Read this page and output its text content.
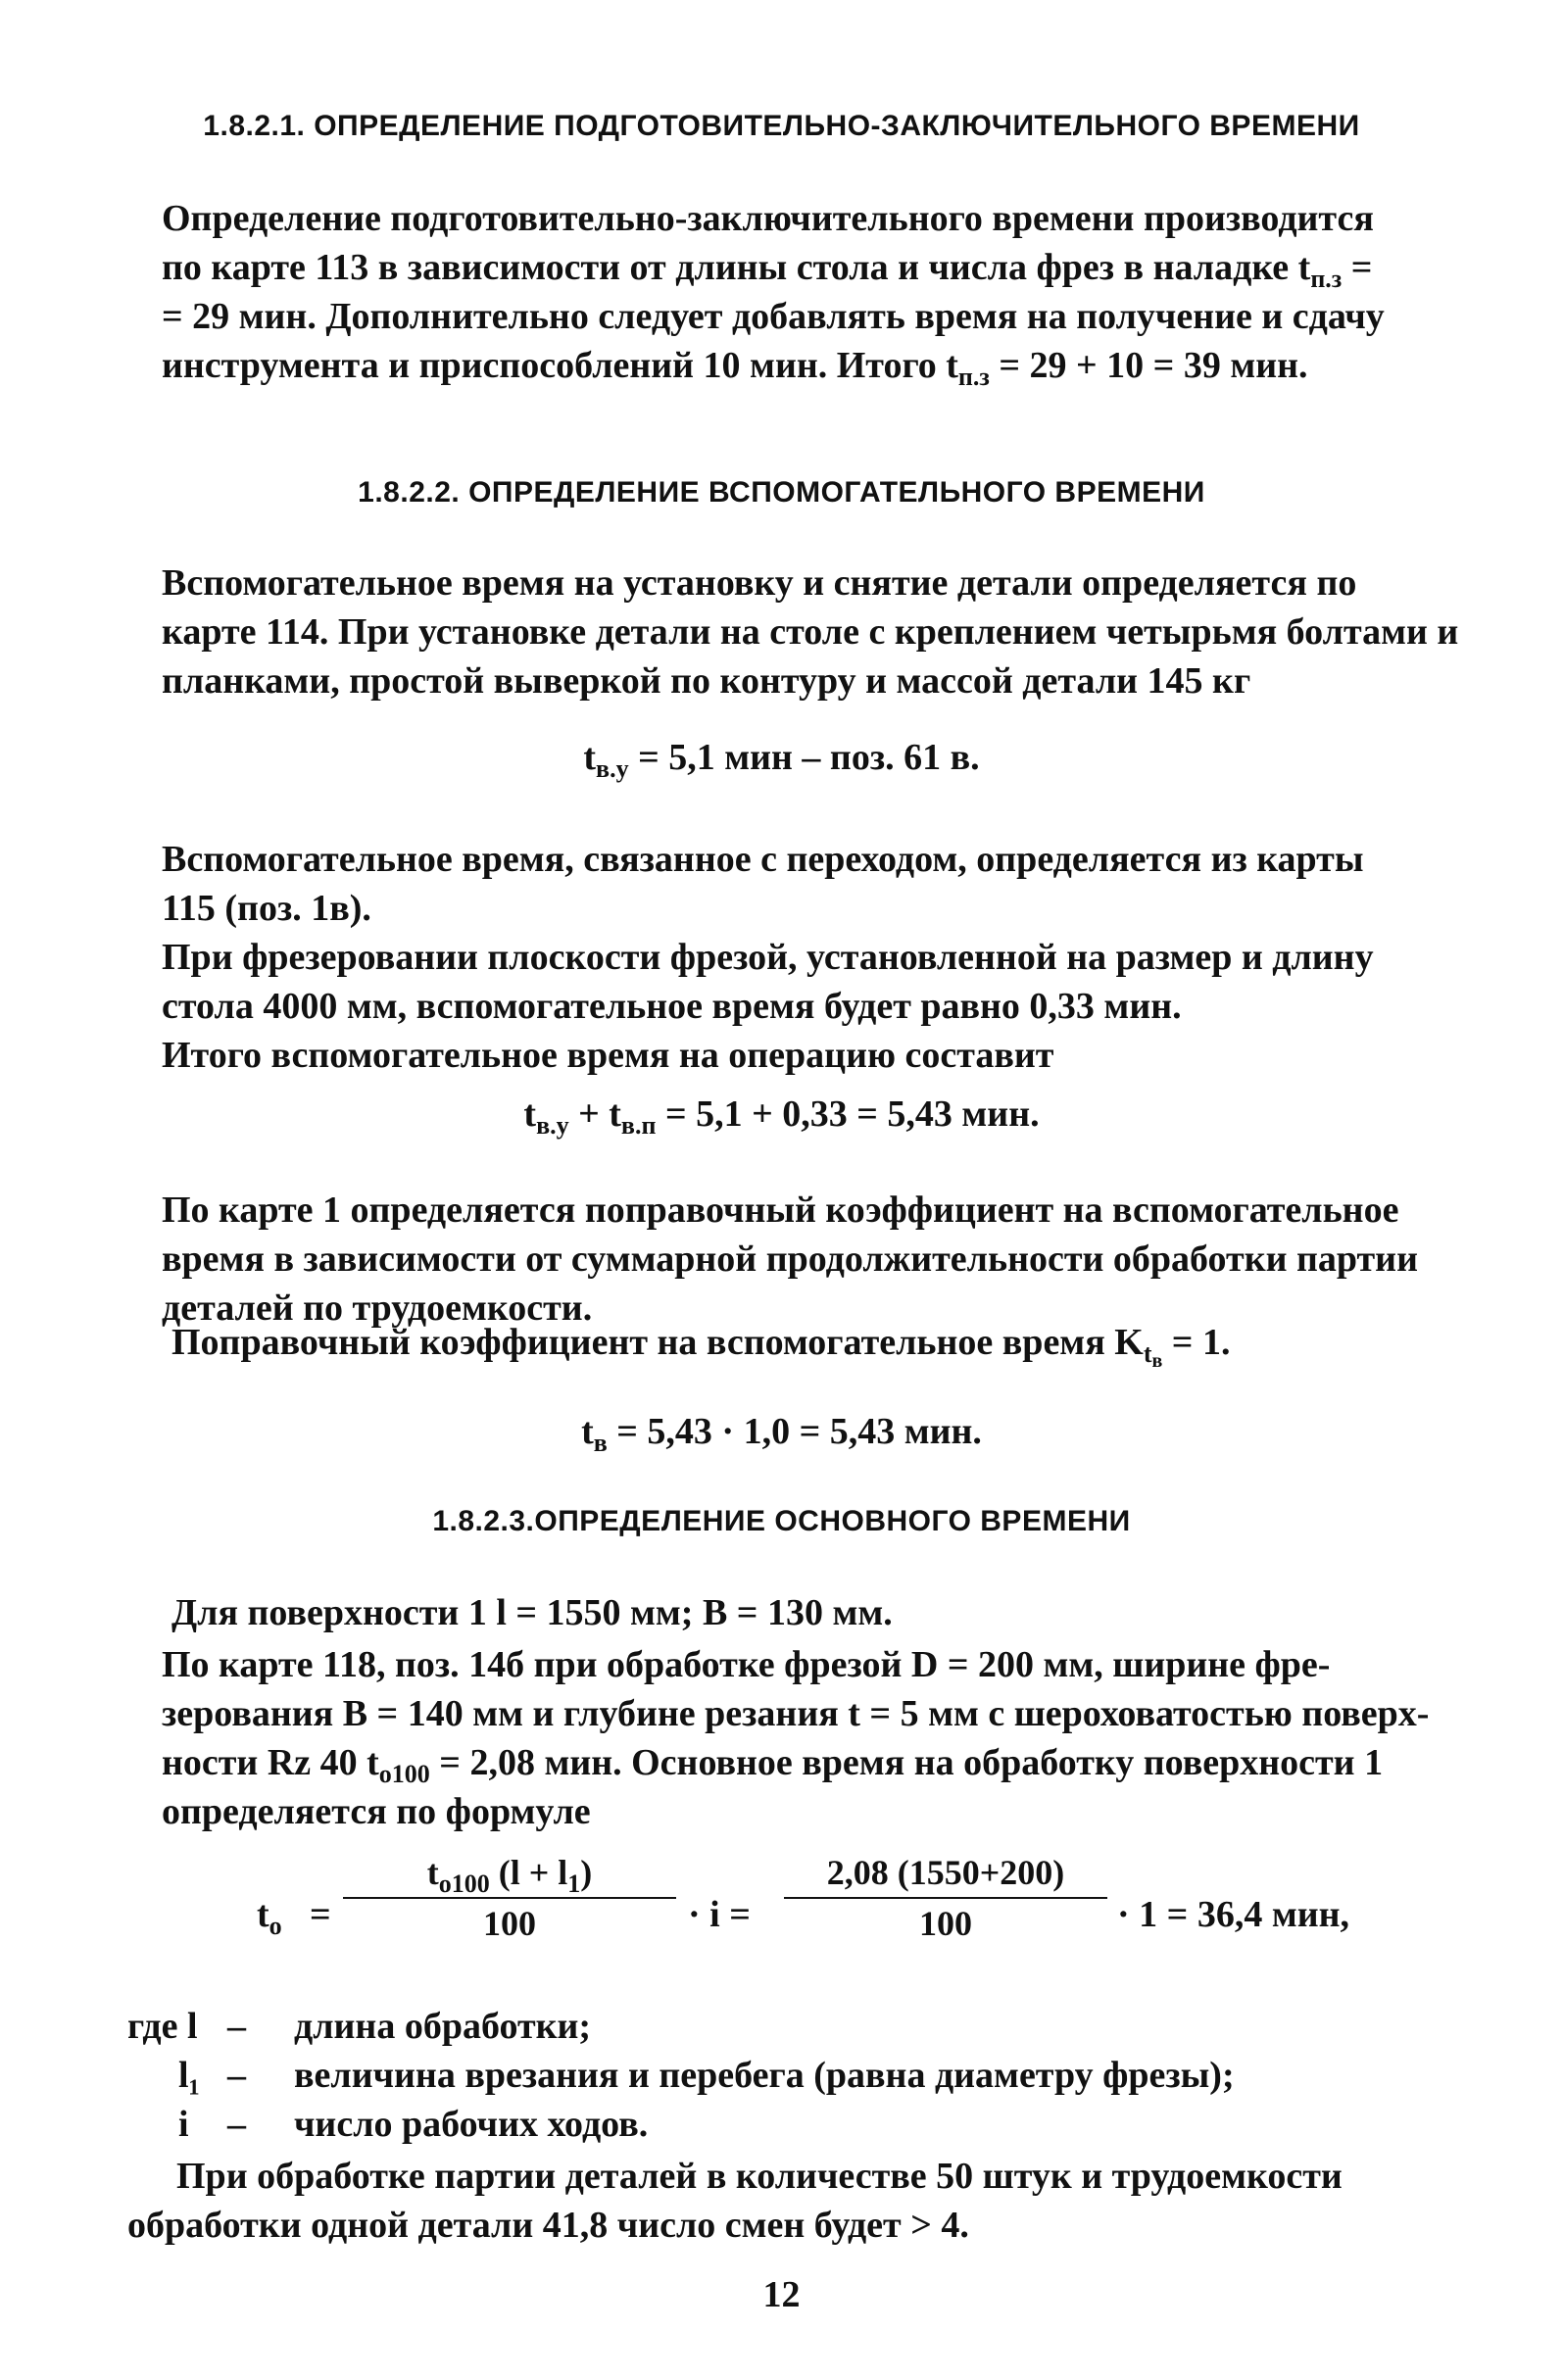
1.8.2.1. ОПРЕДЕЛЕНИЕ ПОДГОТОВИТЕЛЬНО-ЗАКЛЮЧИТЕЛЬНОГО ВРЕМЕНИ
Определение подготовительно-заключительного времени производится
по карте 113 в зависимости от длины стола и числа фрез в наладке $t_{п.з}$ =
= 29 мин. Дополнительно следует добавлять время на получение и сдачу
инструмента и приспособлений 10 мин. Итого $t_{п.з} = 29 + 10 = 39$ мин.
1.8.2.2. ОПРЕДЕЛЕНИЕ ВСПОМОГАТЕЛЬНОГО ВРЕМЕНИ
Вспомогательное время на установку и снятие детали определяется по
карте 114. При установке детали на столе с креплением четырьмя болтами и
планками, простой выверкой по контуру и массой детали 145 кг
$t_{в.у} = 5,1$ мин – поз. 61 в.
Вспомогательное время, связанное с переходом, определяется из карты
115 (поз. 1в).
При фрезеровании плоскости фрезой, установленной на размер и длину
стола 4000 мм, вспомогательное время будет равно 0,33 мин.
Итого вспомогательное время на операцию составит
$t_{в.у} + t_{в.п} = 5,1 + 0,33 = 5,43$ мин.
По карте 1 определяется поправочный коэффициент на вспомогательное
время в зависимости от суммарной продолжительности обработки партии
деталей по трудоемкости.
Поправочный коэффициент на вспомогательное время $K_{tв} = 1$.
$t_в = 5,43 \cdot 1,0 = 5,43$ мин.
1.8.2.3.ОПРЕДЕЛЕНИЕ ОСНОВНОГО ВРЕМЕНИ
Для поверхности 1 l = 1550 мм; B = 130 мм.
По карте 118, поз. 14б при обработке фрезой D = 200 мм, ширине фре-
зерования B = 140 мм и глубине резания t = 5 мм с шероховатостью поверх-
ности Rz 40 $t_{o100} = 2,08$ мин. Основное время на обработку поверхности 1
определяется по формуле
$t_o = \frac{t_{o100} (l + l_1)}{100} \cdot i = \frac{2,08 (1550+200)}{100} \cdot 1 = 36,4$ мин,
где l – длина обработки;
l₁ – величина врезания и перебега (равна диаметру фрезы);
i – число рабочих ходов.
При обработке партии деталей в количестве 50 штук и трудоемкости
обработки одной детали 41,8 число смен будет > 4.
12
